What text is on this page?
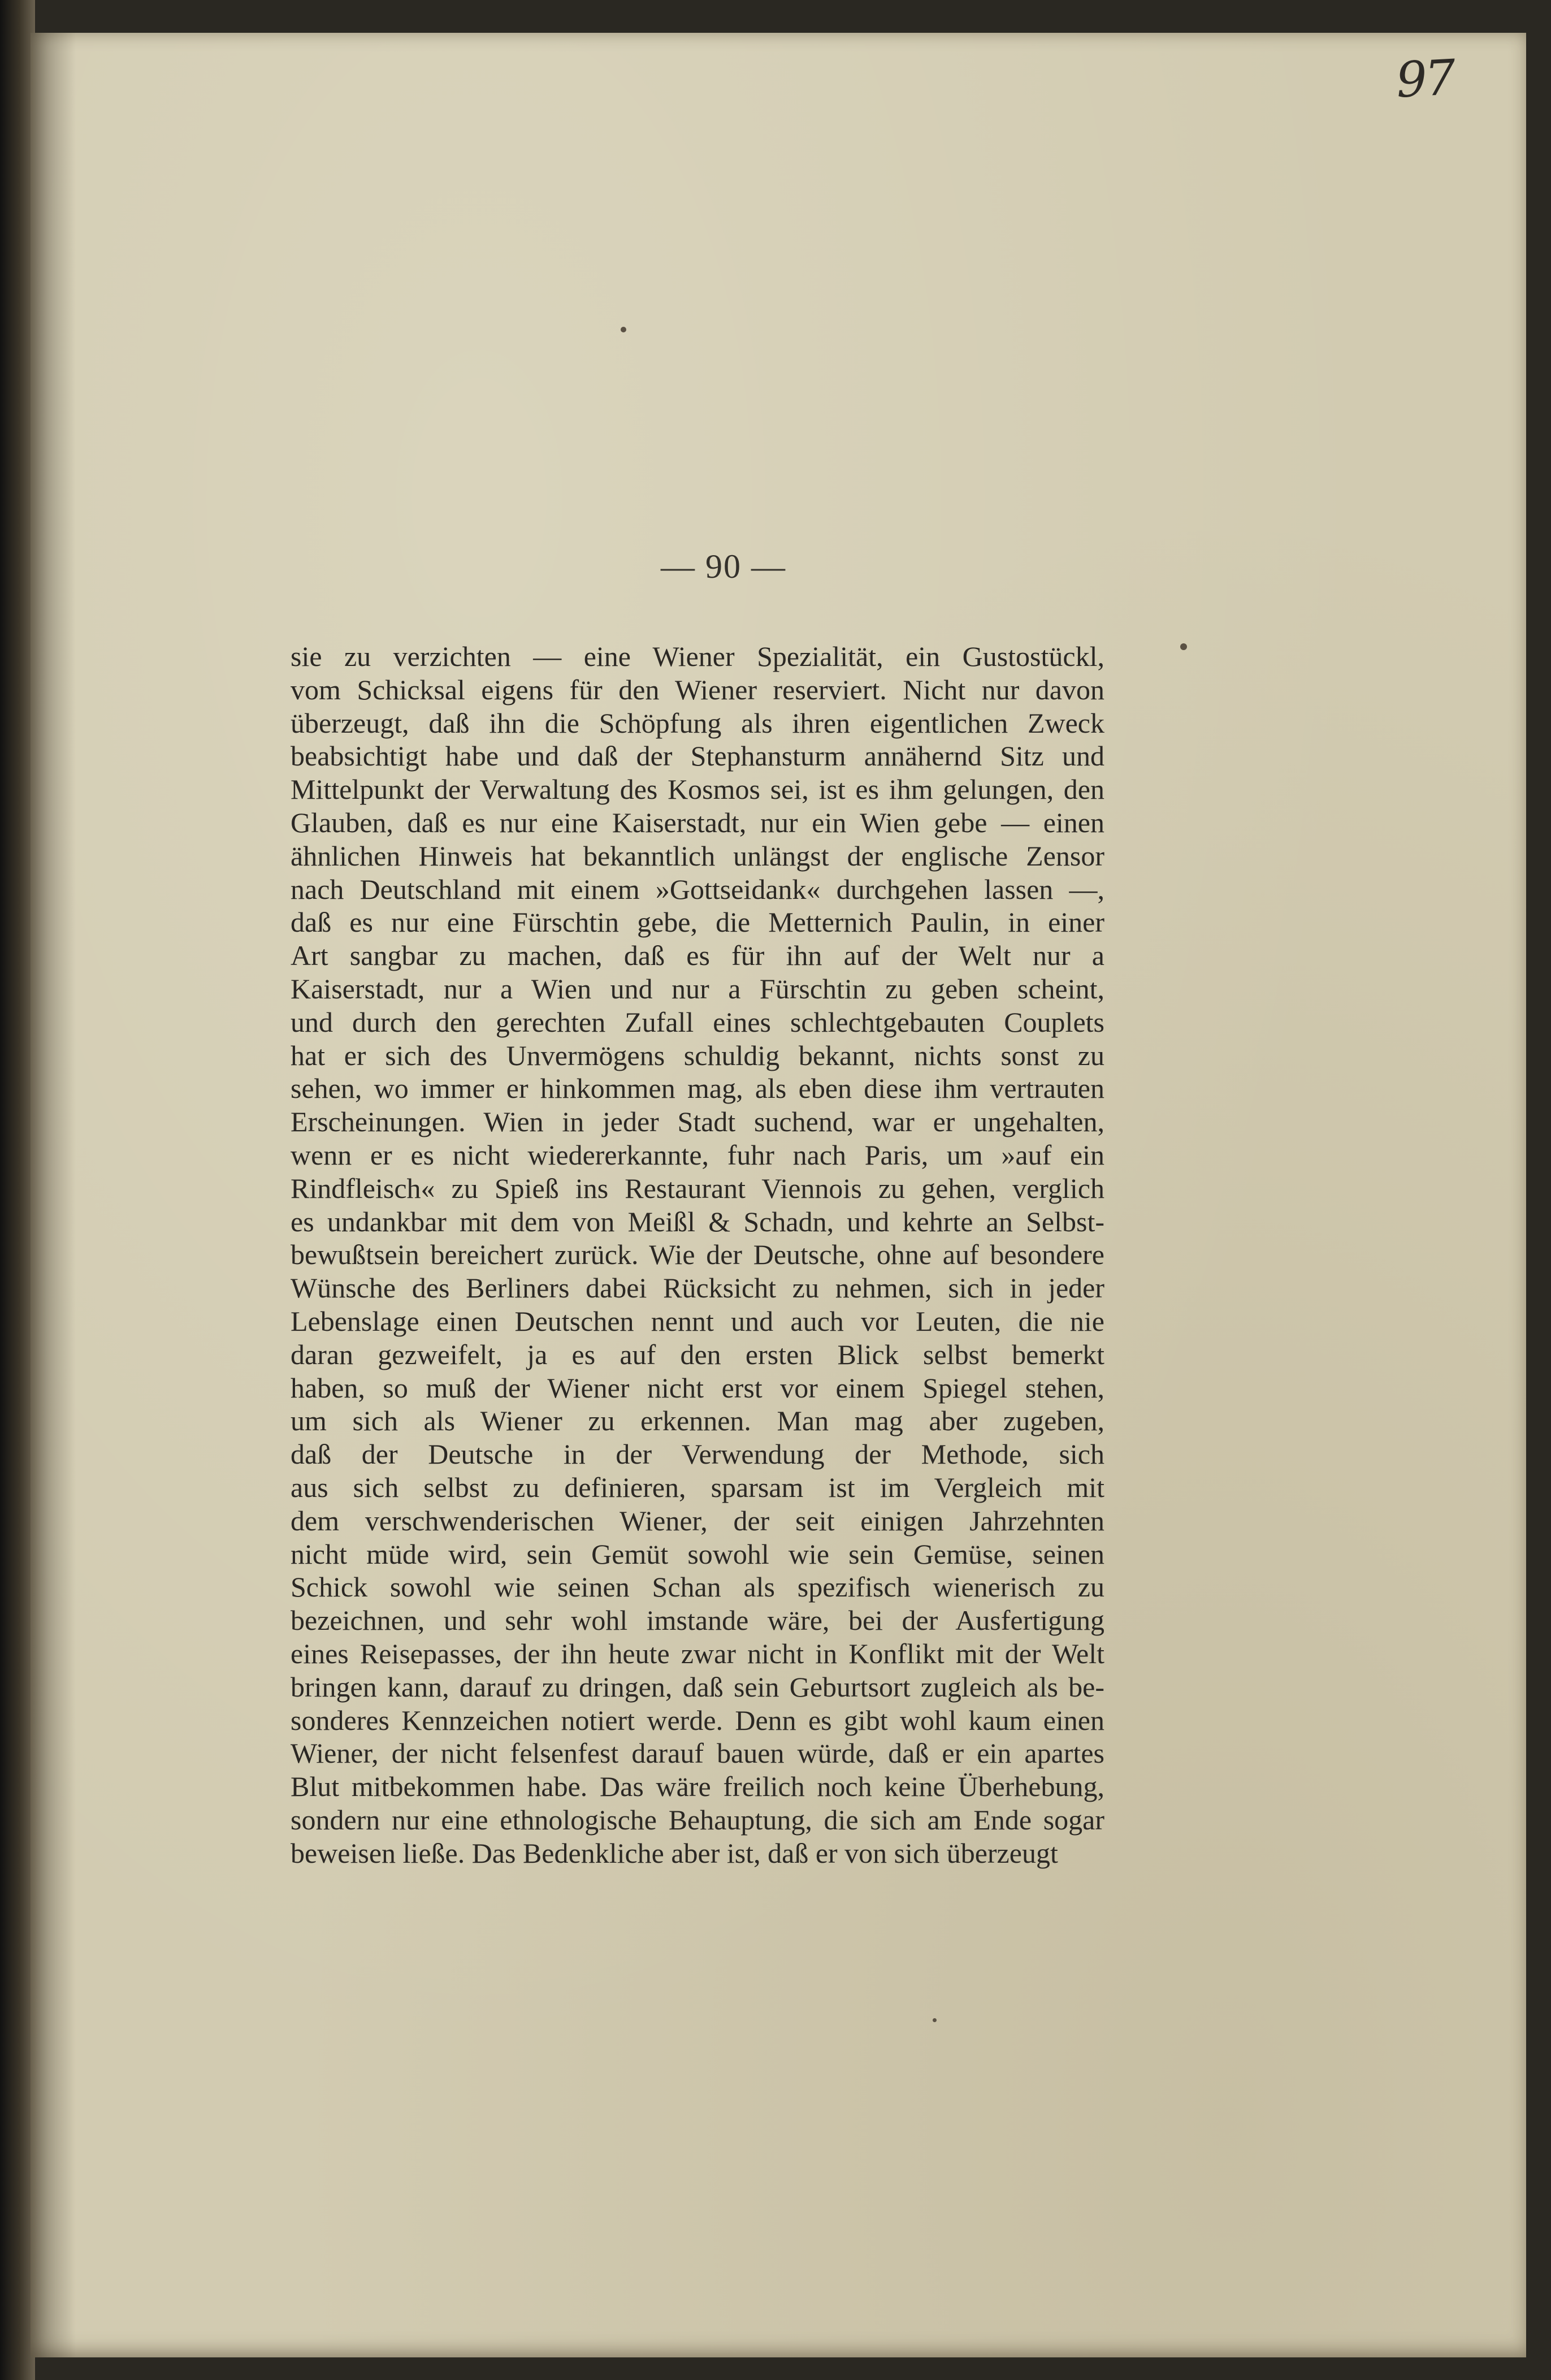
97
— 90 —
sie zu verzichten — eine Wiener Spezialität, ein Gustostückl,
vom Schicksal eigens für den Wiener reserviert. Nicht nur davon
überzeugt, daß ihn die Schöpfung als ihren eigentlichen Zweck
beabsichtigt habe und daß der Stephansturm annähernd Sitz und
Mittelpunkt der Verwaltung des Kosmos sei, ist es ihm gelungen, den
Glauben, daß es nur eine Kaiserstadt, nur ein Wien gebe — einen
ähnlichen Hinweis hat bekanntlich unlängst der englische Zensor
nach Deutschland mit einem »Gottseidank« durchgehen lassen —,
daß es nur eine Fürschtin gebe, die Metternich Paulin, in einer
Art sangbar zu machen, daß es für ihn auf der Welt nur a
Kaiserstadt, nur a Wien und nur a Fürschtin zu geben scheint,
und durch den gerechten Zufall eines schlechtgebauten Couplets
hat er sich des Unvermögens schuldig bekannt, nichts sonst zu
sehen, wo immer er hinkommen mag, als eben diese ihm vertrauten
Erscheinungen. Wien in jeder Stadt suchend, war er ungehalten,
wenn er es nicht wiedererkannte, fuhr nach Paris, um »auf ein
Rindfleisch« zu Spieß ins Restaurant Viennois zu gehen, verglich
es undankbar mit dem von Meißl & Schadn, und kehrte an Selbst-
bewußtsein bereichert zurück. Wie der Deutsche, ohne auf besondere
Wünsche des Berliners dabei Rücksicht zu nehmen, sich in jeder
Lebenslage einen Deutschen nennt und auch vor Leuten, die nie
daran gezweifelt, ja es auf den ersten Blick selbst bemerkt
haben, so muß der Wiener nicht erst vor einem Spiegel stehen,
um sich als Wiener zu erkennen. Man mag aber zugeben,
daß der Deutsche in der Verwendung der Methode, sich
aus sich selbst zu definieren, sparsam ist im Vergleich mit
dem verschwenderischen Wiener, der seit einigen Jahrzehnten
nicht müde wird, sein Gemüt sowohl wie sein Gemüse, seinen
Schick sowohl wie seinen Schan als spezifisch wienerisch zu
bezeichnen, und sehr wohl imstande wäre, bei der Ausfertigung
eines Reisepasses, der ihn heute zwar nicht in Konflikt mit der Welt
bringen kann, darauf zu dringen, daß sein Geburtsort zugleich als be-
sonderes Kennzeichen notiert werde. Denn es gibt wohl kaum einen
Wiener, der nicht felsenfest darauf bauen würde, daß er ein apartes
Blut mitbekommen habe. Das wäre freilich noch keine Überhebung,
sondern nur eine ethnologische Behauptung, die sich am Ende sogar
beweisen ließe. Das Bedenkliche aber ist, daß er von sich überzeugt
